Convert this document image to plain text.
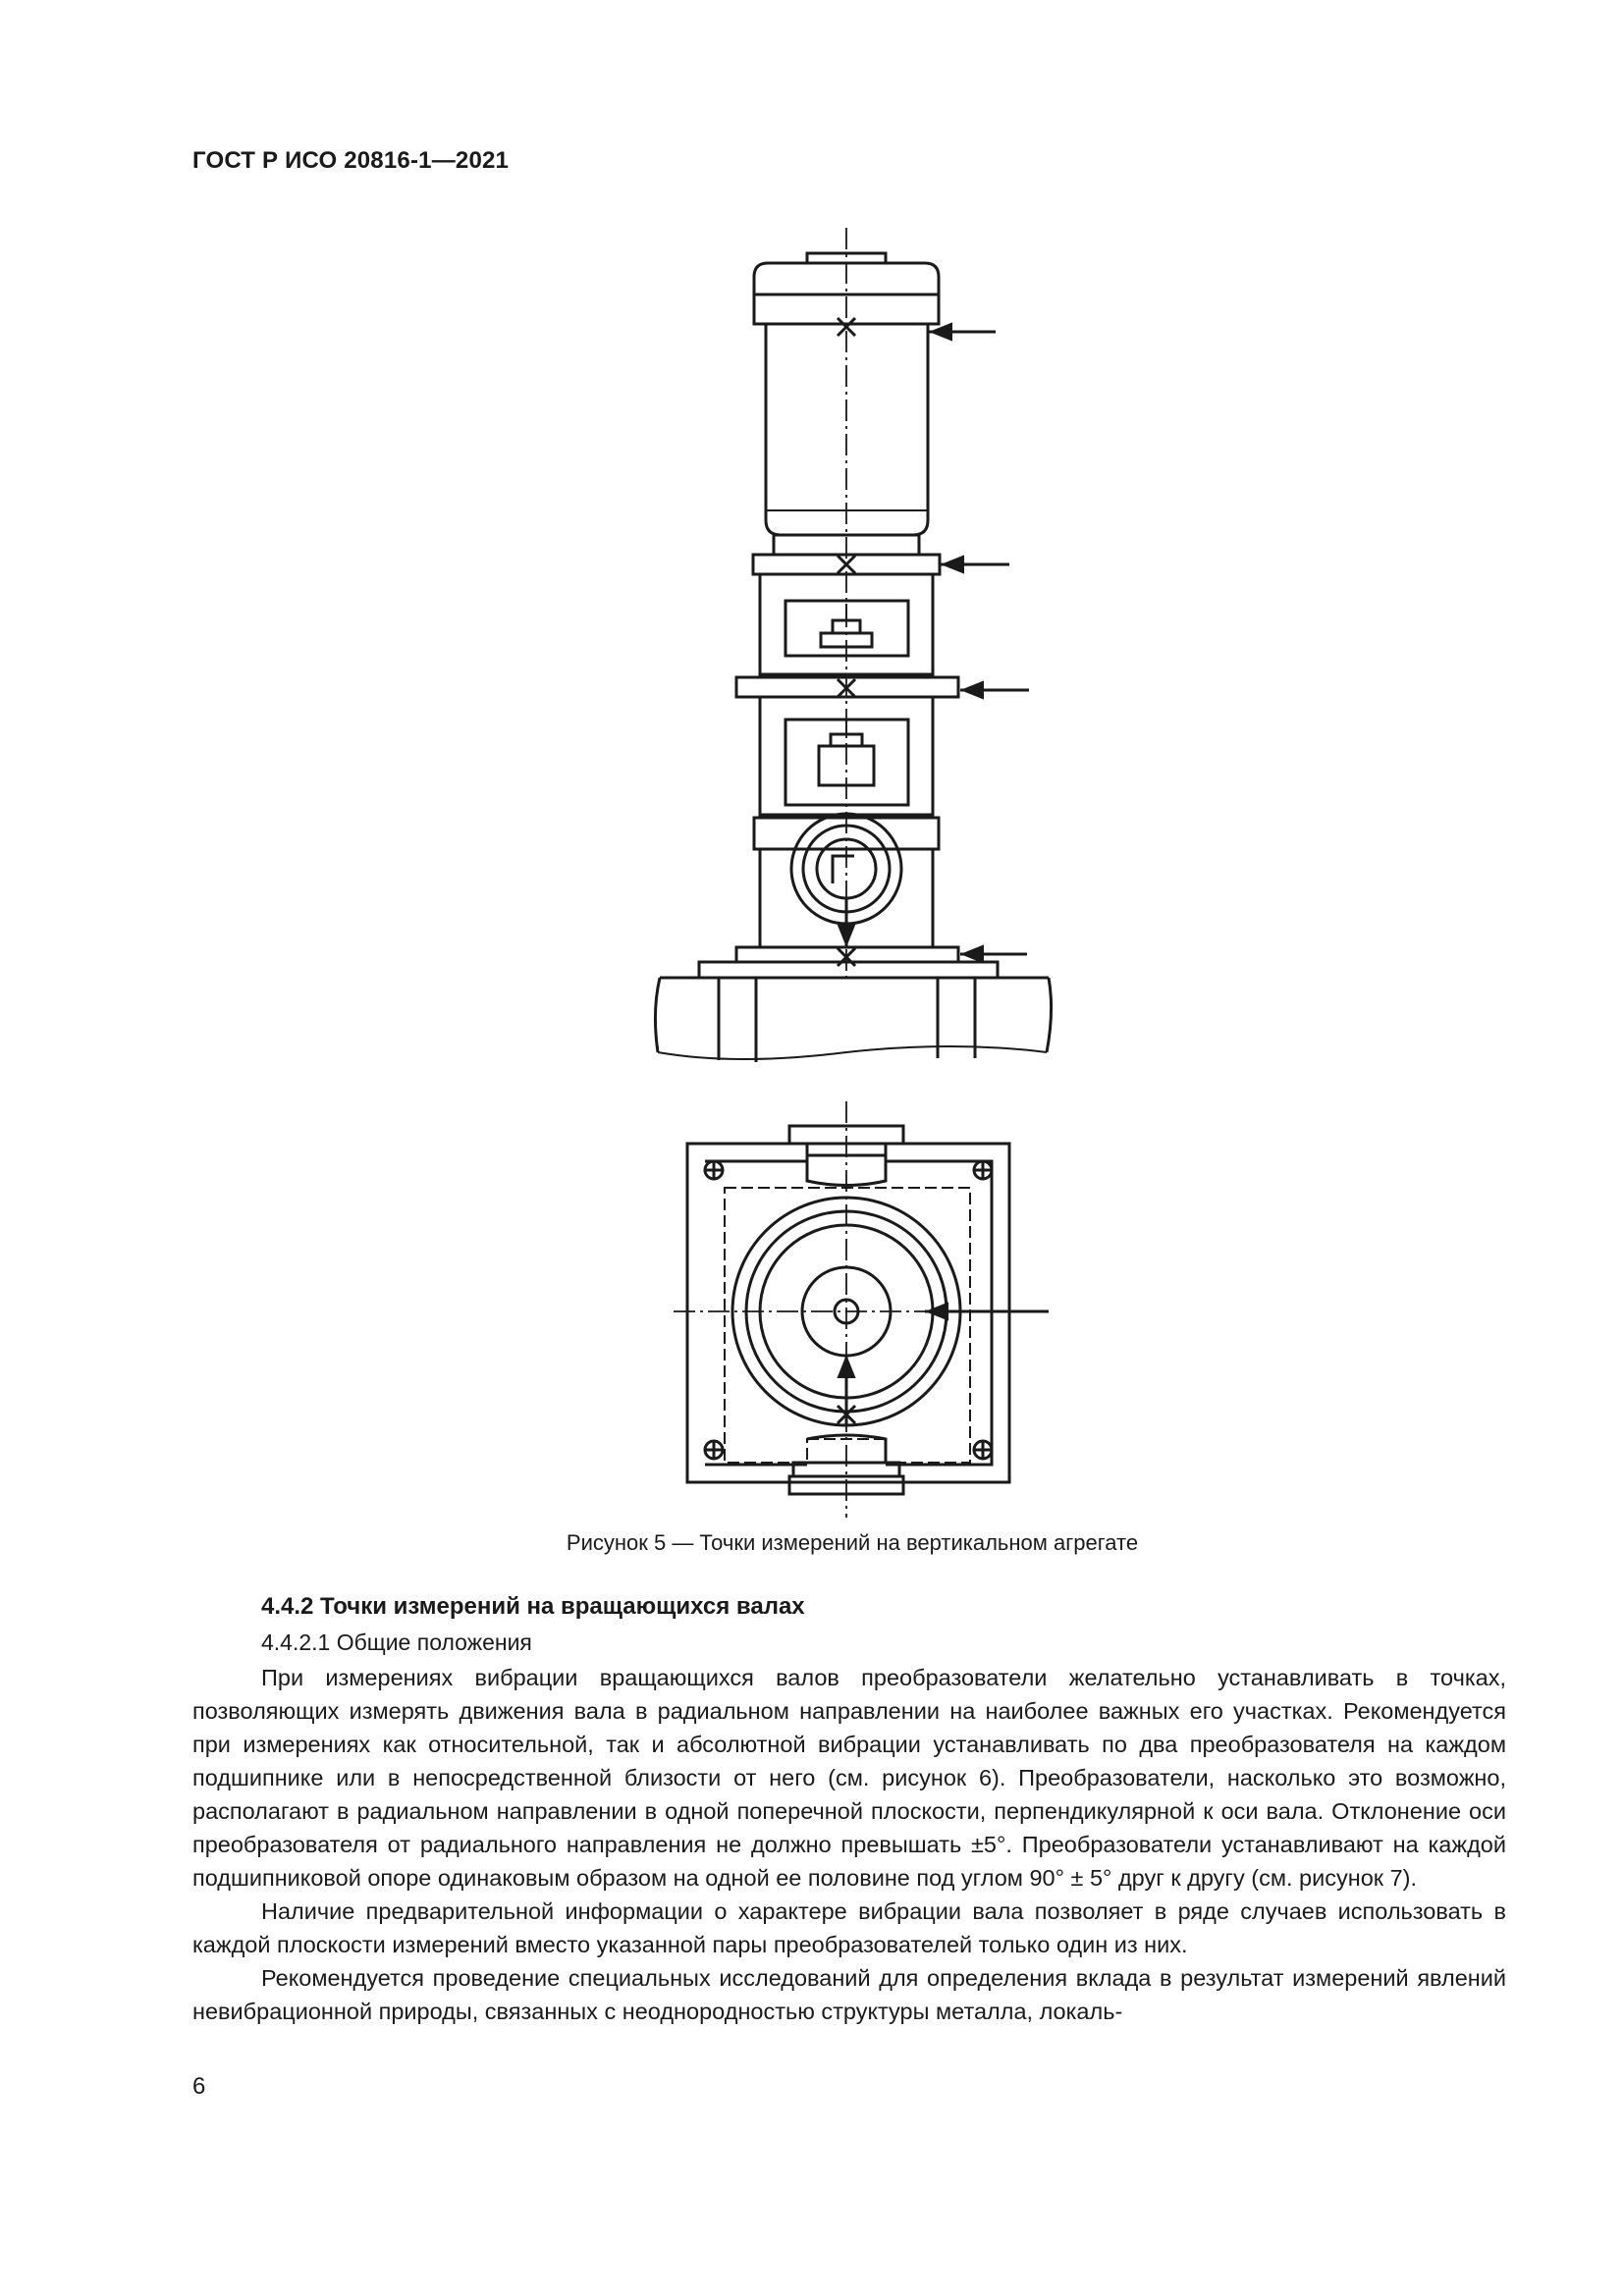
ГОСТ Р ИСО 20816-1—2021
Рисунок 5 — Точки измерений на вертикальном агрегате
4.4.2 Точки измерений на вращающихся валах
4.4.2.1 Общие положения

При измерениях вибрации вращающихся валов преобразователи желательно устанавливать в точках, позволяющих измерять движения вала в радиальном направлении на наиболее важных его участках. Рекомендуется при измерениях как относительной, так и абсолютной вибрации устанавливать по два преобразователя на каждом подшипнике или в непосредственной близости от него (см. рисунок 6). Преобразователи, насколько это возможно, располагают в радиальном направлении в одной поперечной плоскости, перпендикулярной к оси вала. Отклонение оси преобразователя от радиального направления не должно превышать ±5°. Преобразователи устанавливают на каждой подшипниковой опоре одинаковым образом на одной ее половине под углом 90° ± 5° друг к другу (см. рисунок 7).

Наличие предварительной информации о характере вибрации вала позволяет в ряде случаев использовать в каждой плоскости измерений вместо указанной пары преобразователей только один из них.

Рекомендуется проведение специальных исследований для определения вклада в результат измерений явлений невибрационной природы, связанных с неоднородностью структуры металла, локаль-

6
